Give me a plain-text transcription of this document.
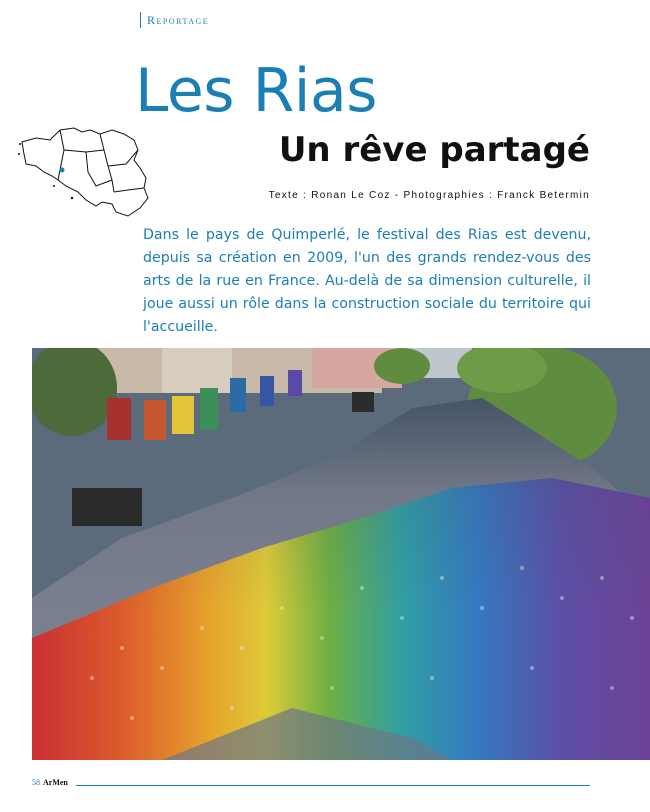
Reportage
Les Rias
Un rêve partagé
Texte : Ronan Le Coz - Photographies : Franck Betermin

Dans le pays de Quimperlé, le festival des Rias est devenu, depuis sa création en 2009, l'un des grands rendez-vous des arts de la rue en France. Au-delà de sa dimension culturelle, il joue aussi un rôle dans la construction sociale du territoire qui l'accueille.

58 ArMen
